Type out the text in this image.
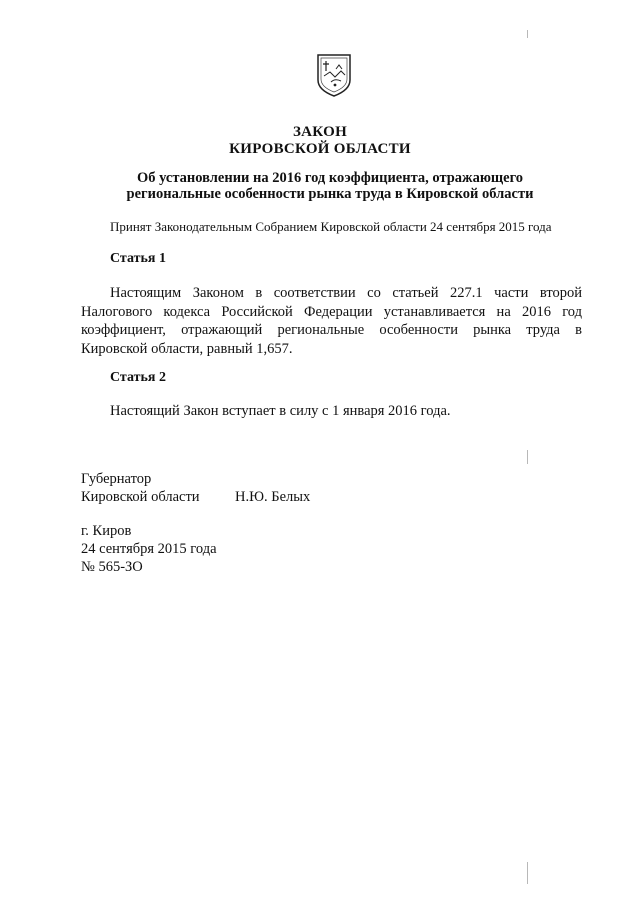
ЗАКОН
КИРОВСКОЙ ОБЛАСТИ
Об установлении на 2016 год коэффициента, отражающего
региональные особенности рынка труда в Кировской области
Принят Законодательным Собранием Кировской области 24 сентября 2015 года
Статья 1
Настоящим Законом в соответствии со статьей 227.1 части второй
Налогового кодекса Российской Федерации устанавливается на 2016 год
коэффициент, отражающий региональные особенности рынка труда в
Кировской области, равный 1,657.
Статья 2
Настоящий Закон вступает в силу с 1 января 2016 года.
Губернатор
Кировской области Н.Ю. Белых
г. Киров
24 сентября 2015 года
№ 565-ЗО
